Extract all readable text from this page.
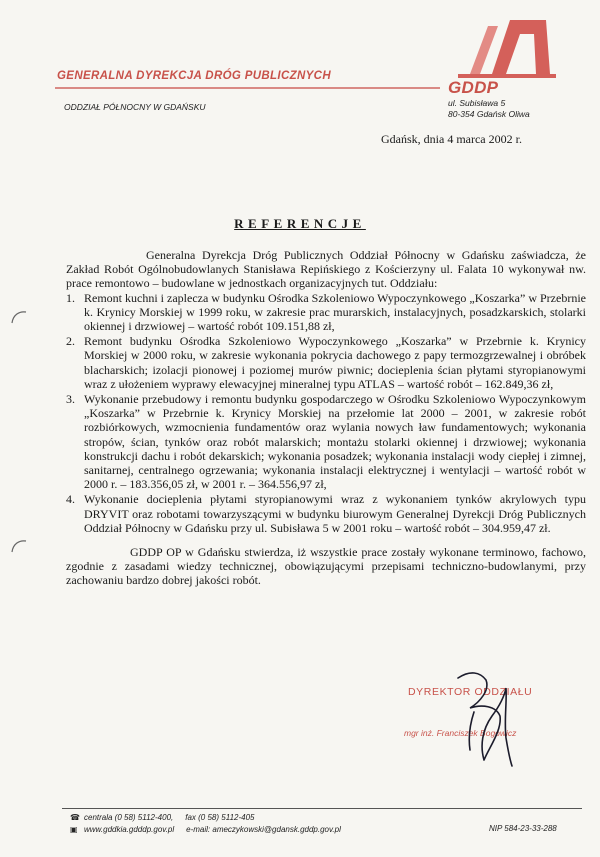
GENERALNA DYREKCJA DRÓG PUBLICZNYCH
GDDP
ODDZIAŁ PÓŁNOCNY W GDAŃSKU	ul. Subisława 5
80-354 Gdańsk Oliwa
Gdańsk, dnia 4 marca 2002 r.
REFERENCJE

Generalna Dyrekcja Dróg Publicznych Oddział Północny w Gdańsku zaświadcza, że Zakład Robót Ogólnobudowlanych Stanisława Repińskiego z Kościerzyny ul. Falata 10 wykonywał nw. prace remontowo – budowlane w jednostkach organizacyjnych tut. Oddziału:

1. Remont kuchni i zaplecza w budynku Ośrodka Szkoleniowo Wypoczynkowego „Koszarka” w Przebrnie k. Krynicy Morskiej w 1999 roku, w zakresie prac murarskich, instalacyjnych, posadzkarskich, stolarki okiennej i drzwiowej – wartość robót 109.151,88 zł,
2. Remont budynku Ośrodka Szkoleniowo Wypoczynkowego „Koszarka” w Przebrnie k. Krynicy Morskiej w 2000 roku, w zakresie wykonania pokrycia dachowego z papy termozgrzewalnej i obróbek blacharskich; izolacji pionowej i poziomej murów piwnic; docieplenia ścian płytami styropianowymi wraz z ułożeniem wyprawy elewacyjnej mineralnej typu ATLAS – wartość robót – 162.849,36 zł,
3. Wykonanie przebudowy i remontu budynku gospodarczego w Ośrodku Szkoleniowo Wypoczynkowym „Koszarka” w Przebrnie k. Krynicy Morskiej na przełomie lat 2000 – 2001, w zakresie robót rozbiórkowych, wzmocnienia fundamentów oraz wylania nowych ław fundamentowych; wykonania stropów, ścian, tynków oraz robót malarskich; montażu stolarki okiennej i drzwiowej; wykonania konstrukcji dachu i robót dekarskich; wykonania posadzek; wykonania instalacji wody ciepłej i zimnej, sanitarnej, centralnego ogrzewania; wykonania instalacji elektrycznej i wentylacji – wartość robót w 2000 r. – 183.356,05 zł, w 2001 r. – 364.556,97 zł,
4. Wykonanie docieplenia płytami styropianowymi wraz z wykonaniem tynków akrylowych typu DRYVIT oraz robotami towarzyszącymi w budynku biurowym Generalnej Dyrekcji Dróg Publicznych Oddział Północny w Gdańsku przy ul. Subisława 5 w 2001 roku – wartość robót – 304.959,47 zł.

GDDP OP w Gdańsku stwierdza, iż wszystkie prace zostały wykonane terminowo, fachowo, zgodnie z zasadami wiedzy technicznej, obowiązującymi przepisami techniczno-budowlanymi, przy zachowaniu bardzo dobrej jakości robót.

DYREKTOR ODDZIAŁU
mgr inż. Franciszek Bogowicz
☎ centrala (0 58) 5112-400, fax (0 58) 5112-405
▣ www.gddkia.gdddp.gov.pl e-mail: ameczykowski@gdansk.gddp.gov.pl	NIP 584-23-33-288
